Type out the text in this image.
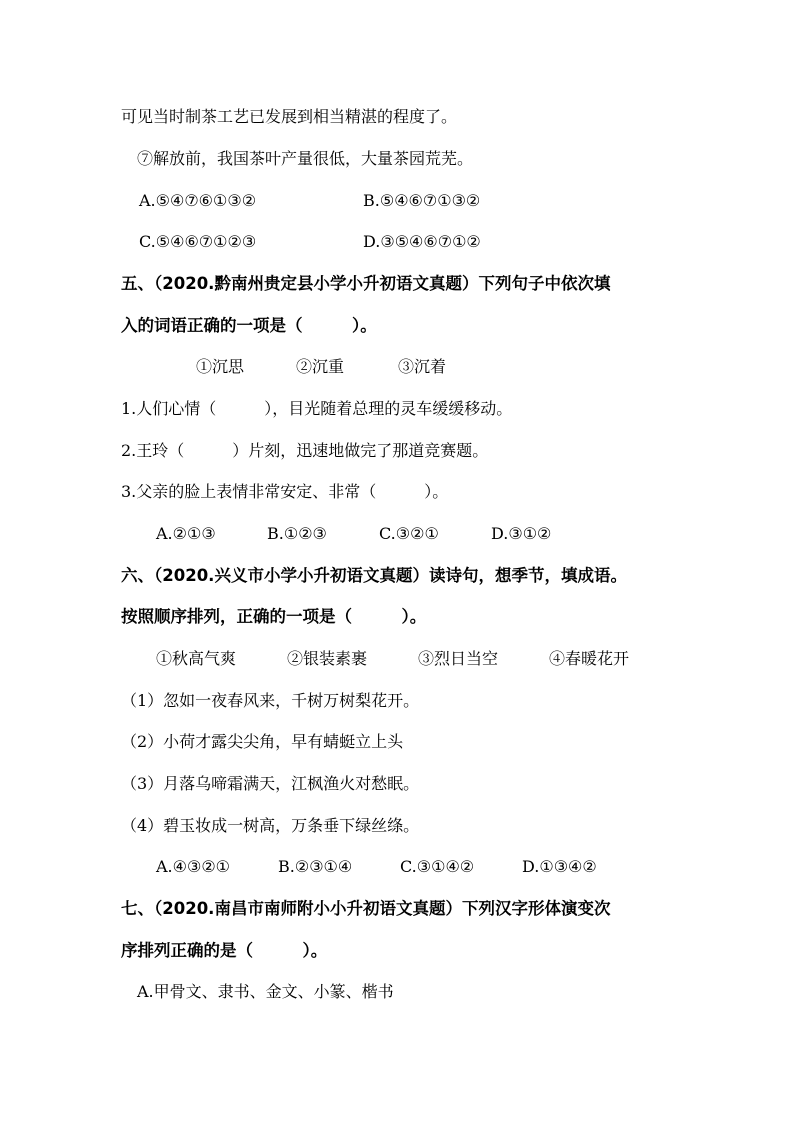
可见当时制茶工艺已发展到相当精湛的程度了。
⑦解放前，我国茶叶产量很低，大量茶园荒芜。
A.⑤④⑦⑥①③②	B.⑤④⑥⑦①③②
C.⑤④⑥⑦①②③	D.③⑤④⑥⑦①②
五、（2020.黔南州贵定县小学小升初语文真题）下列句子中依次填
入的词语正确的一项是（　　　）。
①沉思	②沉重	③沉着
1.人们心情（　　　），目光随着总理的灵车缓缓移动。
2.王玲（　　　）片刻，迅速地做完了那道竞赛题。
3.父亲的脸上表情非常安定、非常（　　　）。
A.②①③	B.①②③	C.③②①	D.③①②
六、（2020.兴义市小学小升初语文真题）读诗句，想季节，填成语。
按照顺序排列，正确的一项是（　　　）。
①秋高气爽	②银装素裹	③烈日当空	④春暖花开
（1）忽如一夜春风来，千树万树梨花开。
（2）小荷才露尖尖角，早有蜻蜓立上头
（3）月落乌啼霜满天，江枫渔火对愁眠。
（4）碧玉妆成一树高，万条垂下绿丝绦。
A.④③②①	B.②③①④	C.③①④②	D.①③④②
七、（2020.南昌市南师附小小升初语文真题）下列汉字形体演变次
序排列正确的是（　　　）。
A.甲骨文、隶书、金文、小篆、楷书
